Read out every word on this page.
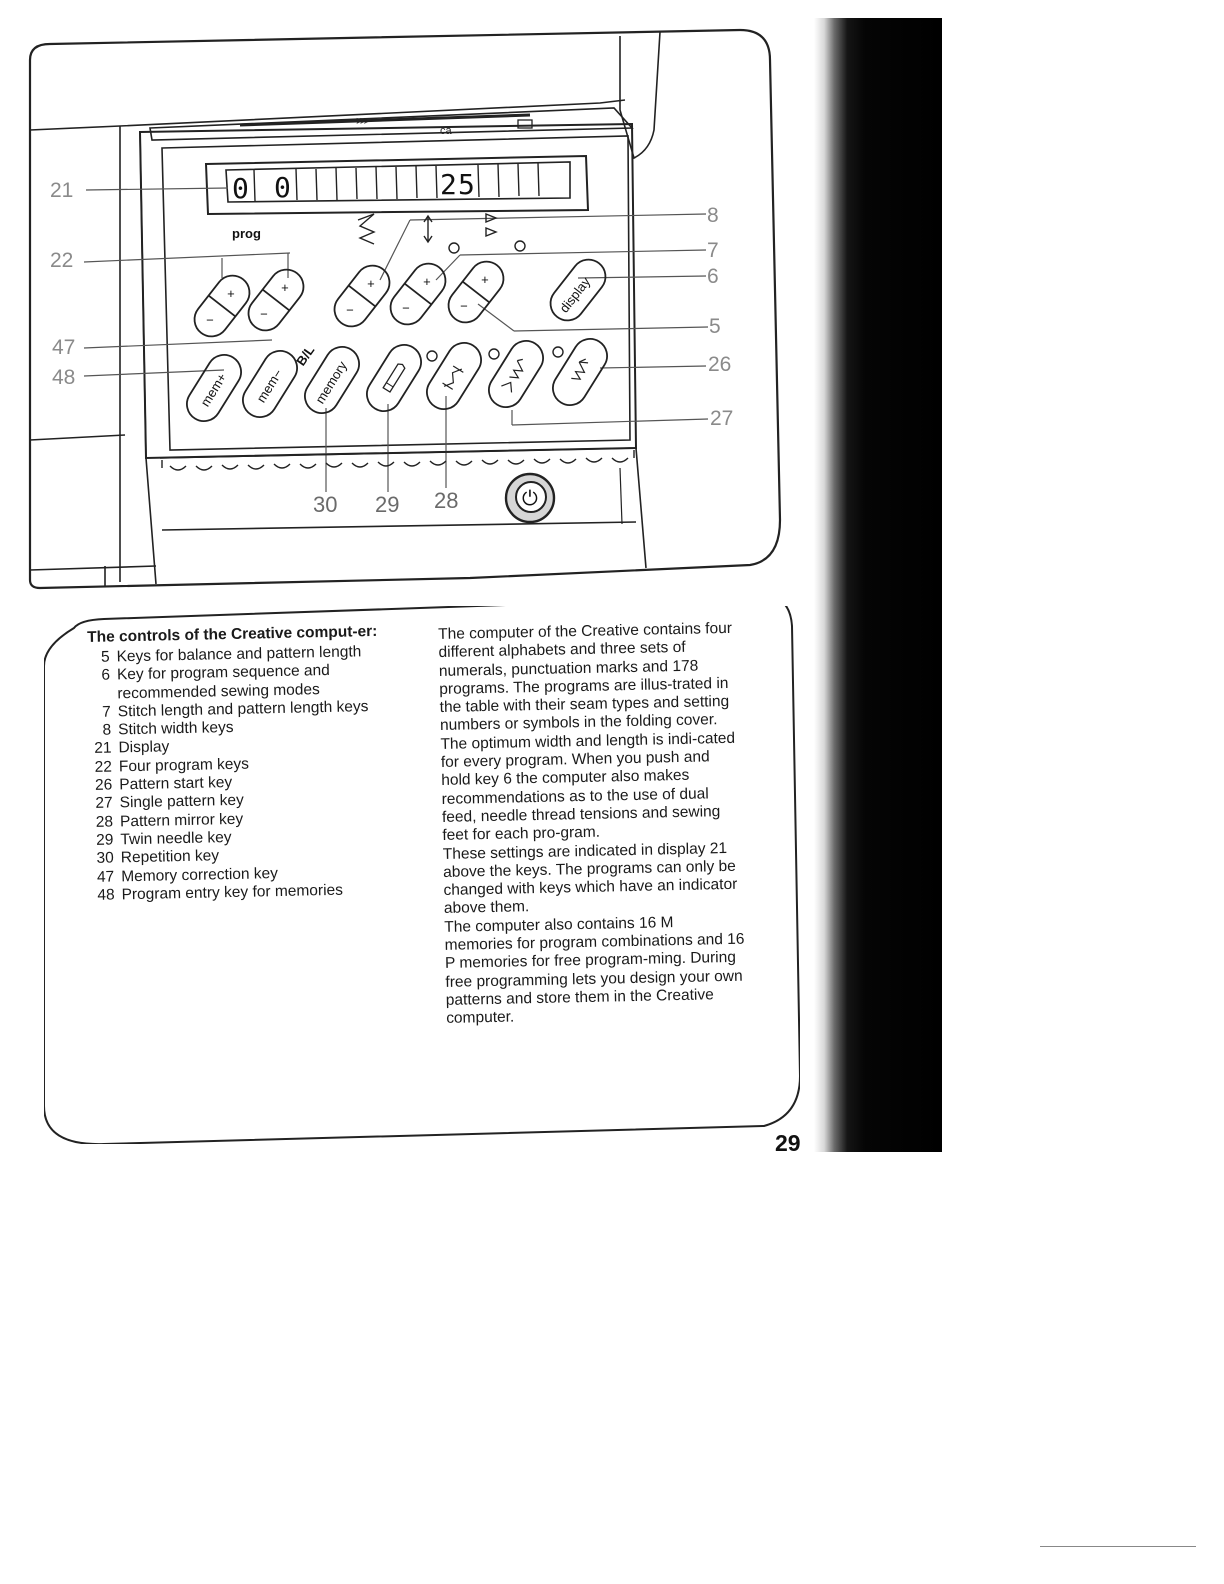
⋙
ca
0 0	2 5
prog
B/L
+
−
+
−
+
−
+
−
+
−	display
mem+ mem− memory
⏻
21
22
47
48
8
7
6
5
26
27
30 29 28
The controls of the Creative comput-er:
5 Keys for balance and pattern length
6 Key for program sequence and recommended sewing modes
7 Stitch length and pattern length keys
8 Stitch width keys
21 Display
22 Four program keys
26 Pattern start key
27 Single pattern key
28 Pattern mirror key
29 Twin needle key
30 Repetition key
47 Memory correction key
48 Program entry key for memories

The computer of the Creative contains four different alphabets and three sets of numerals, punctuation marks and 178 programs. The programs are illus-trated in the table with their seam types and setting numbers or symbols in the folding cover.

The optimum width and length is indi-cated for every program. When you push and hold key 6 the computer also makes recommendations as to the use of dual feed, needle thread tensions and sewing feet for each pro-gram.

These settings are indicated in display 21 above the keys. The programs can only be changed with keys which have an indicator above them.

The computer also contains 16 M memories for program combinations and 16 P memories for free program-ming. During free programming lets you design your own patterns and store them in the Creative computer.

29
